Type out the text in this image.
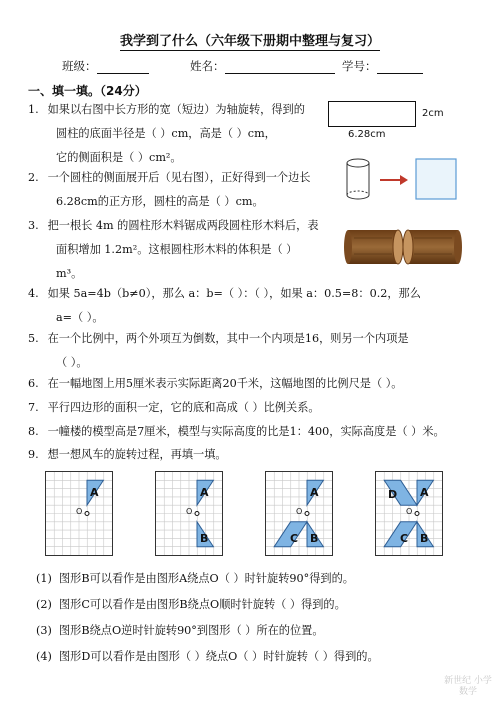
我学到了什么（六年级下册期中整理与复习）
班级：	姓名：	学号：
一、填一填。（24分）
1. 如果以右图中长方形的宽（短边）为轴旋转，得到的
圆柱的底面半径是（ ）cm，高是（ ）cm，
它的侧面积是（ ）cm²。
2cm
6.28cm
2. 一个圆柱的侧面展开后（见右图），正好得到一个边长
6.28cm的正方形，圆柱的高是（ ）cm。
3. 把一根长 4m 的圆柱形木料锯成两段圆柱形木料后，表
面积增加 1.2m²。这根圆柱形木料的体积是（ ）
m³。
4. 如果 5a=4b（b≠0），那么 a：b=（ ）：（ ），如果 a：0.5=8：0.2，那么
a=（ ）。
5. 在一个比例中，两个外项互为倒数，其中一个内项是16，则另一个内项是
（ ）。
6. 在一幅地图上用5厘米表示实际距离20千米，这幅地图的比例尺是（ ）。
7. 平行四边形的面积一定，它的底和高成（ ）比例关系。
8. 一幢楼的模型高是7厘米，模型与实际高度的比是1：400，实际高度是（ ）米。
9. 想一想风车的旋转过程，再填一填。
A
O
A
B
O
A
B
C
O
A
B
C
D
O
(1) 图形B可以看作是由图形A绕点O（ ）时针旋转90°得到的。
(2) 图形C可以看作是由图形B绕点O顺时针旋转（ ）得到的。
(3) 图形B绕点O逆时针旋转90°到图形（ ）所在的位置。
(4) 图形D可以看作是由图形（ ）绕点O（ ）时针旋转（ ）得到的。
新世纪 小学数学
